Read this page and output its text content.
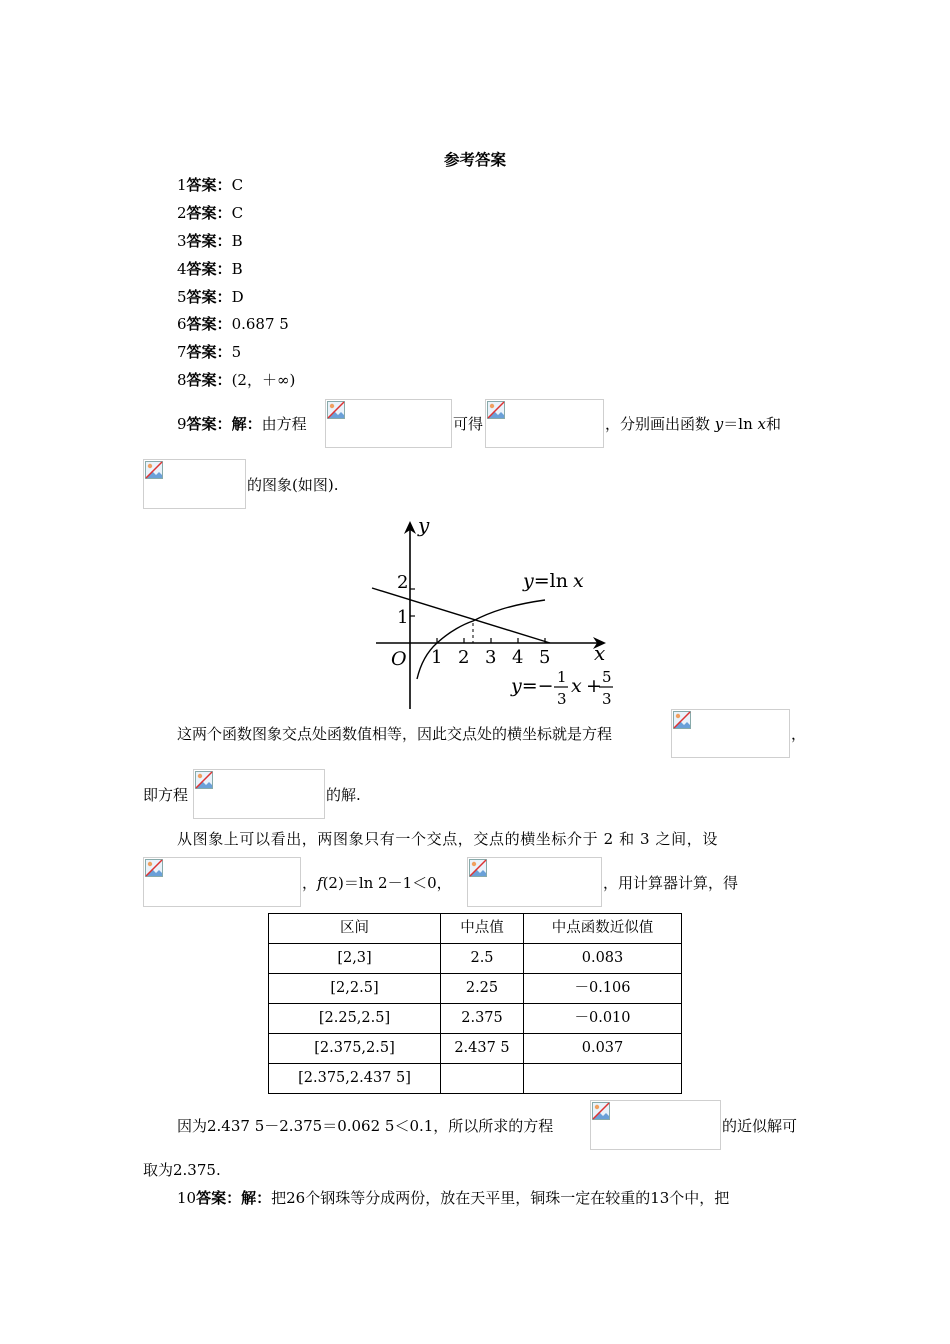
参考答案
1答案：C
2答案：C
3答案：B
4答案：B
5答案：D
6答案：0.687 5
7答案：5
8答案：(2，＋∞)
9答案：解：由方程	可得	，分别画出函数 y＝ln x和
的图象(如图).
y
x
O
1
2
1 2 3 4 5
y=ln x
y=− 1
3
x + 5
3
这两个函数图象交点处函数值相等，因此交点处的横坐标就是方程	，
即方程	的解.
从图象上可以看出，两图象只有一个交点，交点的横坐标介于 2 和 3 之间，设
，f(2)＝ln 2－1＜0，	，用计算器计算，得
区间	中点值	中点函数近似值
[2,3]	2.5	0.083
[2,2.5]	2.25	－0.106
[2.25,2.5]	2.375	－0.010
[2.375,2.5]	2.437 5	0.037
[2.375,2.437 5]		
因为2.437 5－2.375＝0.062 5＜0.1，所以所求的方程	的近似解可
取为2.375.
10答案：解：把26个钢珠等分成两份，放在天平里，铜珠一定在较重的13个中，把
